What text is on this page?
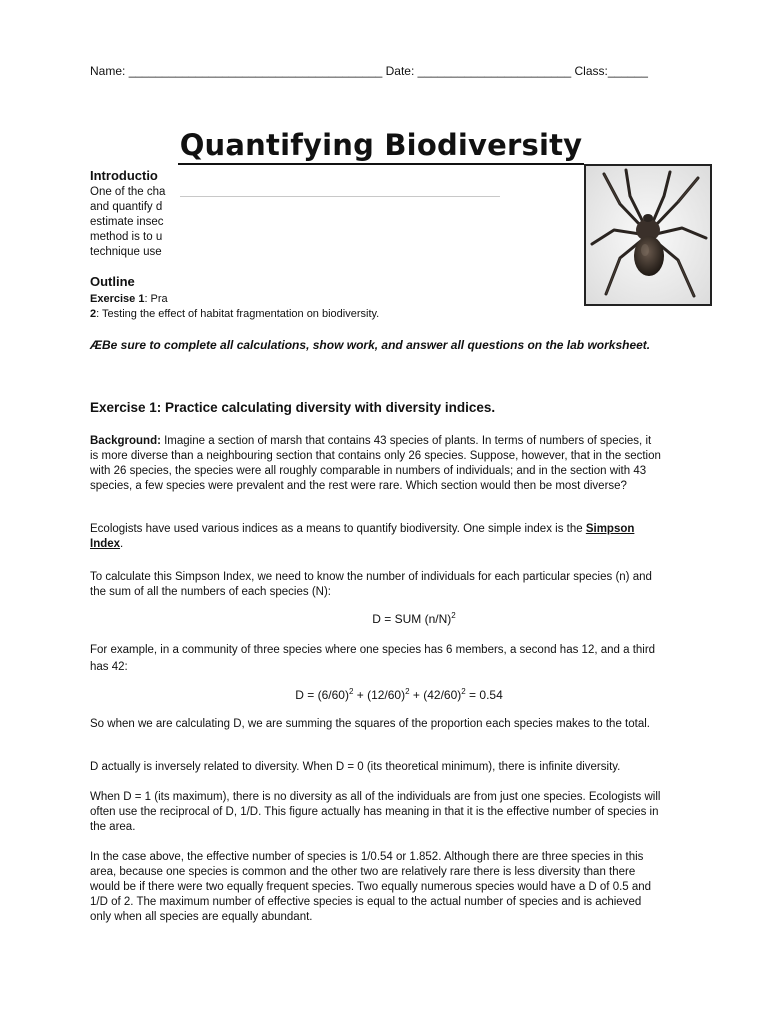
Name: ______________________________________ Date: _______________________ Class:______
Quantifying Biodiversity
Introductio
One of the cha
and quantify d
estimate insec
method is to u
technique use
Outline
Exercise 1: Pra
2: Testing the effect of habitat fragmentation on biodiversity.
ÆBe sure to complete all calculations, show work, and answer all questions on the lab worksheet.
Exercise 1: Practice calculating diversity with diversity indices.
Background: Imagine a section of marsh that contains 43 species of plants. In terms of numbers of species, it is more diverse than a neighbouring section that contains only 26 species. Suppose, however, that in the section with 26 species, the species were all roughly comparable in numbers of individuals; and in the section with 43 species, a few species were prevalent and the rest were rare. Which section would then be most diverse?
Ecologists have used various indices as a means to quantify biodiversity. One simple index is the Simpson Index.
To calculate this Simpson Index, we need to know the number of individuals for each particular species (n) and the sum of all the numbers of each species (N):
D = SUM $(n/N)^2$
For example, in a community of three species where one species has 6 members, a second has 12, and a third has 42:
$D = (6/60)^2 + (12/60)^2 + (42/60)^2 = 0.54$
So when we are calculating D, we are summing the squares of the proportion each species makes to the total.
D actually is inversely related to diversity. When D = 0 (its theoretical minimum), there is infinite diversity.
When D = 1 (its maximum), there is no diversity as all of the individuals are from just one species. Ecologists will often use the reciprocal of D, 1/D. This figure actually has meaning in that it is the effective number of species in the area.
In the case above, the effective number of species is 1/0.54 or 1.852. Although there are three species in this area, because one species is common and the other two are relatively rare there is less diversity than there would be if there were two equally frequent species. Two equally numerous species would have a D of 0.5 and 1/D of 2. The maximum number of effective species is equal to the actual number of species and is achieved only when all species are equally abundant.
